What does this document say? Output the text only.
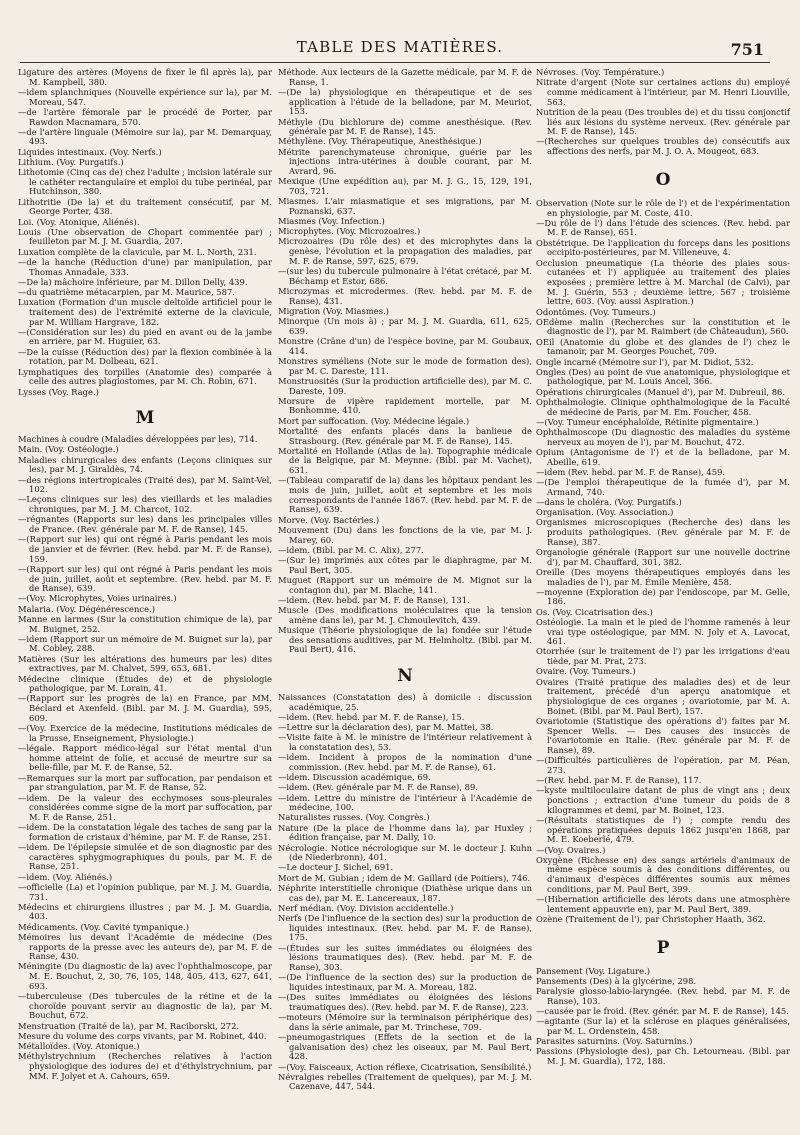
TABLE DES MATIÈRES.	751
Ligature des artères (Moyens de fixer le fil après la), par M. Kampbell, 380.
—idem splanchniques (Nouvelle expérience sur la), par M. Moreau, 547.
—de l'artère fémorale par le procédé de Porter, par Rawdon Macnamara, 570.
—de l'artère linguale (Mémoire sur la), par M. Demarquay, 493.
Liquides intestinaux. (Voy. Nerfs.)
Lithium. (Voy. Purgatifs.)
Lithotomie (Cinq cas de) chez l'adulte ; incision latérale sur le cathéter rectangulaire et emploi du tube perinéal, par Hutchinson, 380.
Lithotritie (De la) et du traitement consécutif, par M. George Porter, 438.
Loi. (Voy. Atonique, Aliénés).
Louis (Une observation de Chopart commentée par) ; feuilleton par M. J. M. Guardia, 207.
Luxation complète de la clavicule, par M. L. North, 231.
—de la hanche (Réduction d'une) par manipulation, par Thomas Annadale, 333.
—De la) mâchoire inférieure, par M. Dillon Delly, 439.
—du quatrième métacarpien, par M. Maurice, 587.
Luxation (Formation d'un muscle deltoïde artificiel pour le traitement des) de l'extrémité externe de la clavicule, par M. William Hargrave, 182.
—(Considération sur les) du pied en avant ou de la jambe en arrière, par M. Huguier, 63.
—De la cuisse (Réduction des) par la flexion combinée à la rotation, par M. Dolbeau, 621.
Lymphatiques des torpilles (Anatomie des) comparée à celle des autres plagiostomes, par M. Ch. Robin, 671.
Lysses (Voy. Rage.)
M
Machines à coudre (Maladies développées par les), 714.
Main. (Voy. Ostéologie.)
Maladies chirurgicales des enfants (Leçons cliniques sur les), par M. J. Giraldès, 74.
—des régions intertropicales (Traité des), par M. Saint-Vel, 102.
—Leçons cliniques sur les) des vieillards et les maladies chroniques, par M. J. M. Charcot, 102.
—régnantes (Rapports sur les) dans les principales villes de France. (Rev. générale par M. F. de Ranse), 145.
—(Rapport sur les) qui ont régné à Paris pendant les mois de janvier et de février. (Rev. hebd. par M. F. de Ranse), 159.
—(Rapport sur les) qui ont régné à Paris pendant les mois de juin, juillet, août et septembre. (Rev. hebd. par M. F. de Ranse), 639.
—(Voy. Microphytes, Voies urinaires.)
Malaria. (Voy. Dégénérescence.)
Manne en larmes (Sur la constitution chimique de la), par M. Buignet, 252.
—idem (Rapport sur un mémoire de M. Buignet sur la), par M. Cobley, 288.
Matières (Sur les altérations des humeurs par les) dites extractives, par M. Chalvet, 599, 653, 681.
Médecine clinique (Études de) et de physiologie pathologique, par M. Lorain, 41.
—(Rapport sur les progrès de la) en France, par MM. Béclard et Axenfeld. (Bibl. par M. J. M. Guardia), 595, 609.
—(Voy. Exercice de la médecine, Institutions médicales de la Prusse, Enseignement, Physiologie.)
—légale. Rapport médico-légal sur l'état mental d'un homme atteint de folie, et accusé de meurtre sur sa belle-fille, par M. F. de Ranse, 52.
—Remarques sur la mort par suffocation, par pendaison et par strangulation, par M. F. de Ranse, 52.
—idem. De la valeur des ecchymoses sous-pleurales considérées comme signe de la mort par suffocation, par M. F. de Ranse, 251.
—idem. De la constatation légale des taches de sang par la formation de cristaux d'hémine, par M. F. de Ranse, 251.
—idem. De l'épilepsie simulée et de son diagnostic par des caractères sphygmographiques du pouls, par M. F. de Ranse, 251.
—idem. (Voy. Aliénés.)
—officielle (La) et l'opinion publique, par M. J. M. Guardia, 731.
Médecins et chirurgiens illustres ; par M. J. M. Guardia, 403.
Médicaments. (Voy. Cavité tympanique.)
Mémoires lus devant l'Académie de médecine (Des rapports de la presse avec les auteurs de), par M. F. de Ranse, 430.
Méningite (Du diagnostic de la) avec l'ophthalmoscope, par M. E. Bouchut, 2, 30, 76, 105, 148, 405, 413, 627, 641, 693.
—tuberculeuse (Des tubercules de la rétine et de la choroïde pouvant servir au diagnostic de la), par M. Bouchut, 672.
Menstruation (Traité de la), par M. Raciborski, 272.
Mesure du volume des corps vivants, par M. Robinet, 440.
Métalloïdes. (Voy. Atonique.)
Méthylstrychnium (Recherches relatives à l'action physiologique des iodures de) et d'éthylstrychnium, par MM. F. Jolyet et A. Cahours, 659.
Méthode. Aux lecteurs de la Gazette médicale, par M. F. de Ranse, 1.
—(De la) physiologique en thérapeutique et de ses application à l'étude de la belladone, par M. Meuriot, 153.
Méthyle (Du bichlorure de) comme anesthésique. (Rev. générale par M. F. de Ranse), 145.
Méthylène. (Voy. Thérapeutique, Anesthésique.)
Métrite parenchymateuse chronique, guérie par les injections intra-utérines à double courant, par M. Avrard, 96.
Mexique (Une expédition au), par M. J. G., 15, 129, 191, 703, 721.
Miasmes. L'air miasmatique et ses migrations, par M. Poznanski, 637.
Miasmes (Voy. Infection.)
Microphytes. (Voy. Microzoaires.)
Microzoaires (Du rôle des) et des microphytes dans la genèse, l'évolution et la propagation des maladies, par M. F. de Ranse, 597, 625, 679.
—(sur les) du tubercule pulmonaire à l'état crétacé, par M. Béchamp et Estor, 686.
Microzymas et microdermes. (Rev. hebd. par M. F. de Ranse), 431.
Migration (Voy. Miasmes.)
Minorque (Un mois à) ; par M. J. M. Guardia, 611, 625, 639.
Monstre (Crâne d'un) de l'espèce bovine, par M. Goubaux, 414.
Monstres syméliens (Note sur le mode de formation des), par M. C. Dareste, 111.
Monstruosités (Sur la production artificielle des), par M. C. Dareste, 109.
Morsure de vipère rapidement mortelle, par M. Bonhomme, 410.
Mort par suffocation. (Voy. Médecine légale.)
Mortalité des enfants placés dans la banlieue de Strasbourg. (Rev. générale par M. F. de Ranse), 145.
Mortalité en Hollande (Atlas de la). Topographie médicale de la Belgique, par M. Meynne. (Bibl. par M. Vachet), 631.
—(Tableau comparatif de la) dans les hôpitaux pendant les mois de juin, juillet, août et septembre et les mois correspondants de l'année 1867. (Rev. hebd. par M. F. de Ranse), 639.
Morve. (Voy. Bactéries.)
Mouvement (Du) dans les fonctions de la vie, par M. J. Marey, 60.
—idem. (Bibl. par M. C. Alix), 277.
—(Sur le) imprimés aux côtes par le diaphragme, par M. Paul Bert, 305.
Muguet (Rapport sur un mémoire de M. Mignot sur la contagion du), par M. Blache, 141.
—idem. (Rev. hebd. par M. F. de Ranse), 131.
Muscle (Des modifications moléculaires que la tension amène dans le), par M. J. Chmoulevitch, 439.
Musique (Théorie physiologique de la) fondée sur l'étude des sensations auditives, par M. Helmholtz. (Bibl. par M. Paul Bert), 416.
N
Naissances (Constatation des) à domicile : discussion académique, 25.
—idem. (Rev. hebd. par M. F. de Ranse), 15.
—Lettre sur la déclaration des), par M. Mattei, 38.
—Visite faite à M. le ministre de l'intérieur relativement à la constatation des), 53.
—idem. Incident à propos de la nomination d'une commission. (Rev. hebd. par M. F. de Ranse), 61.
—idem. Discussion académique, 69.
—idem. (Rev. générale par M. F. de Ranse), 89.
—idem. Lettre du ministre de l'intérieur à l'Académie de médecine, 100.
Naturalistes russes. (Voy. Congrès.)
Nature (De la place de l'homme dans la), par Huxley ; édition française, par M. Dally, 10.
Nécrologie. Notice nécrologique sur M. le docteur J. Kuhn (de Niederbronn), 401.
—Le docteur J. Sichel, 691.
Mort de M. Gubian ; idem de M. Gaillard (de Poitiers), 746.
Néphrite interstitielle chronique (Diathèse urique dans un cas de), par M. E. Lancereaux, 187.
Nerf médian. (Voy. Division accidentelle.)
Nerfs (De l'influence de la section des) sur la production de liquides intestinaux. (Rev. hebd. par M. F. de Ranse), 175.
—(Études sur les suites immédiates ou éloignées des lésions traumatiques des). (Rev. hebd. par M. F. de Ranse), 303.
—(De l'influence de la section des) sur la production de liquides intestinaux, par M. A. Moreau, 182.
—(Des suites immédiates ou éloignées des lésions traumatiques des). (Rev. hebd. par M. F. de Ranse), 223.
—moteurs (Mémoire sur la terminaison périphérique des) dans la série animale, par M. Trinchese, 709.
—pneumogastriques (Effets de la section et de la galvanisation des) chez les oiseaux, par M. Paul Bert, 428.
—(Voy. Faisceaux, Action réflexe, Cicatrisation, Sensibilité.)
Névralgies rebelles (Traitement de quelques), par M. J. M. Cazenave, 447, 544.
Névroses. (Voy. Température.)
Nitrate d'argent (Note sur certaines actions du) employé comme médicament à l'intérieur, par M. Henri Liouville, 563.
Nutrition de la peau (Des troubles de) et du tissu conjonctif liés aux lésions du système nerveux. (Rev. générale par M. F. de Ranse), 145.
—(Recherches sur quelques troubles de) consécutifs aux affections des nerfs, par M. J. O. A. Mougeot, 683.
O
Observation (Note sur le rôle de l') et de l'expérimentation en physiologie, par M. Coste, 410.
—Du rôle de l') dans l'étude des sciences. (Rev. hebd. par M. F. de Ranse), 651.
Obstétrique. De l'application du forceps dans les positions occipito-postérieures, par M. Villeneuve, 4.
Occlusion pneumatique (La théorie des plaies sous-cutanées et l') appliquée au traitement des plaies exposées ; première lettre à M. Marchal (de Calvi), par M. J. Guérin, 553 ; deuxième lettre, 567 ; troisième lettre, 603. (Voy. aussi Aspiration.)
Odontômes. (Voy. Tumeurs.)
OEdème malin (Recherches sur la constitution et le diagnostic de l'), par M. Raimbert (de Châteaudun), 560.
OEil (Anatomie du globe et des glandes de l') chez le tamanoir, par M. Georges Pouchet, 709.
Ongle incarné (Mémoire sur l'), par M. Didiot, 532.
Ongles (Des) au point de vue anatomique, physiologique et pathologique, par M. Louis Ancel, 366.
Opérations chirurgicales (Manuel d'), par M. Dubreuil, 86.
Ophthalmologie. Clinique ophthalmologique de la Faculté de médecine de Paris, par M. Em. Foucher, 458.
—(Voy. Tumeur encéphaloïde, Rétinite pigmentaire.)
Ophthalmoscope (Du diagnostic des maladies du système nerveux au moyen de l'), par M. Bouchut, 472.
Opium (Antagonisme de l') et de la belladone, par M. Abeille, 619.
—idem (Rev. hebd. par M. F. de Ranse), 459.
—(De l'emploi thérapeutique de la fumée d'), par M. Armand, 740.
—dans le choléra. (Voy. Purgatifs.)
Organisation. (Voy. Association.)
Organismes microscopiques (Recherche des) dans les produits pathologiques. (Rev. générale par M. F. de Ranse), 387.
Organologie générale (Rapport sur une nouvelle doctrine d'), par M. Chauffard, 301, 382.
Oreille (Des moyens thérapeutiques employés dans les maladies de l'), par M. Émile Menière, 458.
—moyenne (Exploration de) par l'endoscope, par M. Gelle, 186.
Os. (Voy. Cicatrisation des.)
Ostéologie. La main et le pied de l'homme ramenés à leur vrai type ostéologique, par MM. N. Joly et A. Lavocat, 461.
Otorrhée (sur le traitement de l') par les irrigations d'eau tiède, par M. Prat, 273.
Ovaire. (Voy. Tumeurs.)
Ovaires (Traité pratique des maladies des) et de leur traitement, précédé d'un aperçu anatomique et physiologique de ces organes ; ovariotomie, par M. A. Boinet. (Bibl. par M. Paul Bert), 157.
Ovariotomie (Statistique des opérations d') faites par M. Spencer Wells. — Des causes des insuccès de l'ovariotomie en Italie. (Rev. générale par M. F. de Ranse), 89.
—(Difficultés particulières de l'opération, par M. Péan, 273.
—(Rev. hebd. par M. F. de Ranse), 117.
—kyste multiloculaire datant de plus de vingt ans ; deux ponctions ; extraction d'une tumeur du poids de 8 kilogrammes et demi, par M. Boinet, 123.
—(Résultats statistiques de l') ; compte rendu des opérations pratiquées depuis 1862 jusqu'en 1868, par M. E. Koeberlé, 479.
—(Voy. Ovaires.)
Oxygène (Richesse en) des sangs artériels d'animaux de même espèce soumis à des conditions différentes, ou d'animaux d'espèces différentes soumis aux mêmes conditions, par M. Paul Bert, 399.
—(Hibernation artificielle des lérots dans une atmosphère lentement appauvrie en), par M. Paul Bert, 389.
Ozène (Traitement de l'), par Christopher Haath, 362.
P
Pansement (Voy. Ligature.)
Pansements (Des) à la glycérine, 298.
Paralysie glosso-labio-laryngée. (Rev. hebd. par M. F. de Ranse), 103.
—causée par le froid. (Rev. génér. par M. F. de Ranse), 145.
—agitante (Sur la) et la sclérose en plaques généralisées, par M. L. Ordenstein, 458.
Parasites saturnins. (Voy. Saturnins.)
Passions (Physiologie des), par Ch. Letourneau. (Bibl. par M. J. M. Guardia), 172, 188.
